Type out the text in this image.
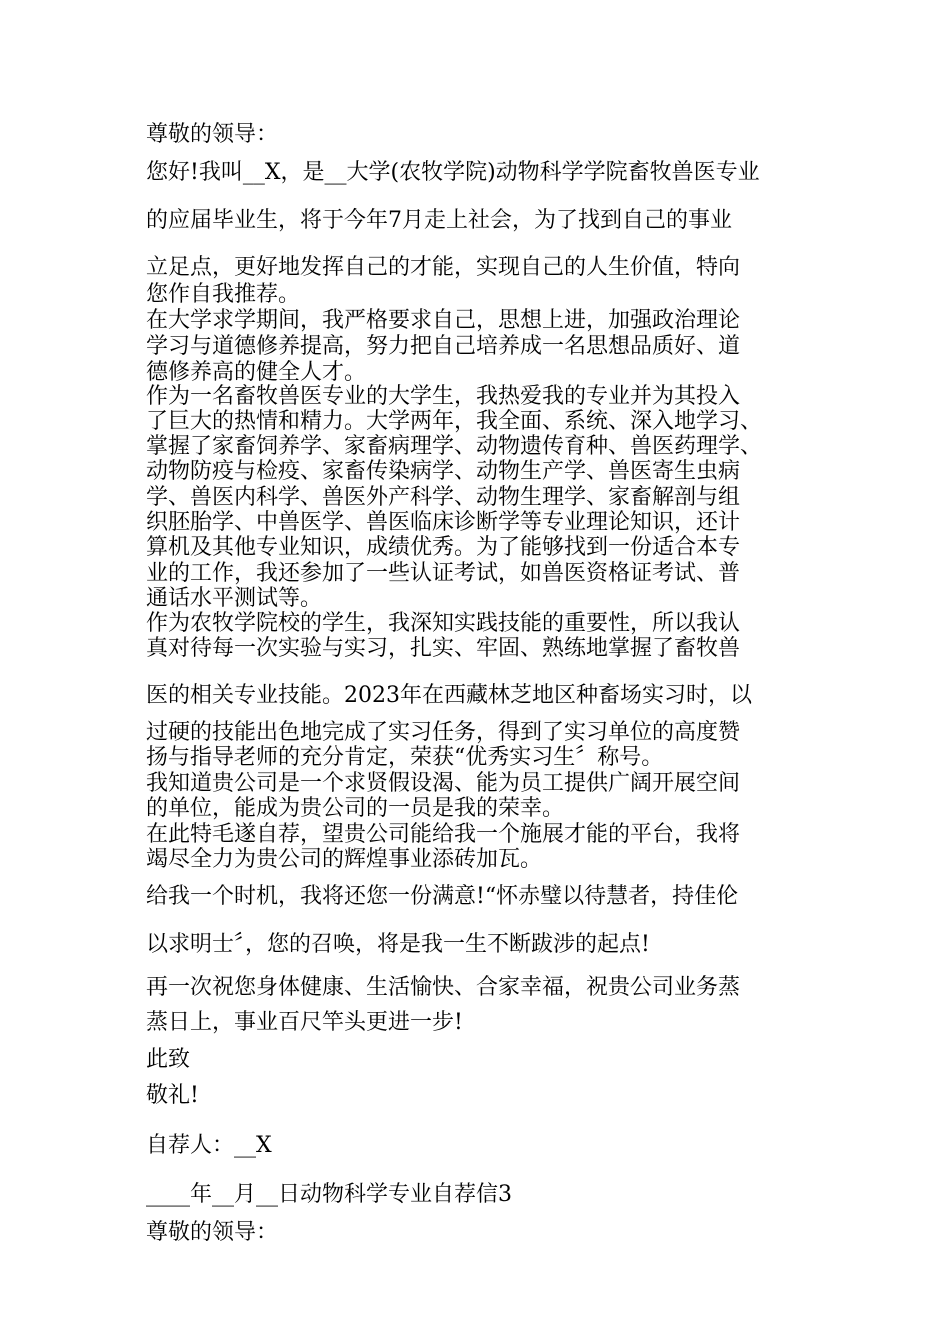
尊敬的领导：

您好!我叫__X，是__大学(农牧学院)动物科学学院畜牧兽医专业

的应届毕业生，将于今年7月走上社会，为了找到自己的事业

立足点，更好地发挥自己的才能，实现自己的人生价值，特向

您作自我推荐。

在大学求学期间，我严格要求自己，思想上进，加强政治理论

学习与道德修养提高，努力把自己培养成一名思想品质好、道

德修养高的健全人才。

作为一名畜牧兽医专业的大学生，我热爱我的专业并为其投入

了巨大的热情和精力。大学两年，我全面、系统、深入地学习、

掌握了家畜饲养学、家畜病理学、动物遗传育种、兽医药理学、

动物防疫与检疫、家畜传染病学、动物生产学、兽医寄生虫病

学、兽医内科学、兽医外产科学、动物生理学、家畜解剖与组

织胚胎学、中兽医学、兽医临床诊断学等专业理论知识，还计

算机及其他专业知识，成绩优秀。为了能够找到一份适合本专

业的工作，我还参加了一些认证考试，如兽医资格证考试、普

通话水平测试等。

作为农牧学院校的学生，我深知实践技能的重要性，所以我认

真对待每一次实验与实习，扎实、牢固、熟练地掌握了畜牧兽

医的相关专业技能。2023年在西藏林芝地区种畜场实习时，以

过硬的技能出色地完成了实习任务，得到了实习单位的高度赞

扬与指导老师的充分肯定，荣获“优秀实习生〞称号。

我知道贵公司是一个求贤假设渴、能为员工提供广阔开展空间

的单位，能成为贵公司的一员是我的荣幸。

在此特毛遂自荐，望贵公司能给我一个施展才能的平台，我将

竭尽全力为贵公司的辉煌事业添砖加瓦。

给我一个时机，我将还您一份满意!“怀赤璧以待慧者，持佳伦

以求明士〞，您的召唤，将是我一生不断跋涉的起点!

再一次祝您身体健康、生活愉快、合家幸福，祝贵公司业务蒸

蒸日上，事业百尺竿头更进一步!

此致

敬礼!

自荐人：__X

____年__月__日动物科学专业自荐信3

尊敬的领导：
